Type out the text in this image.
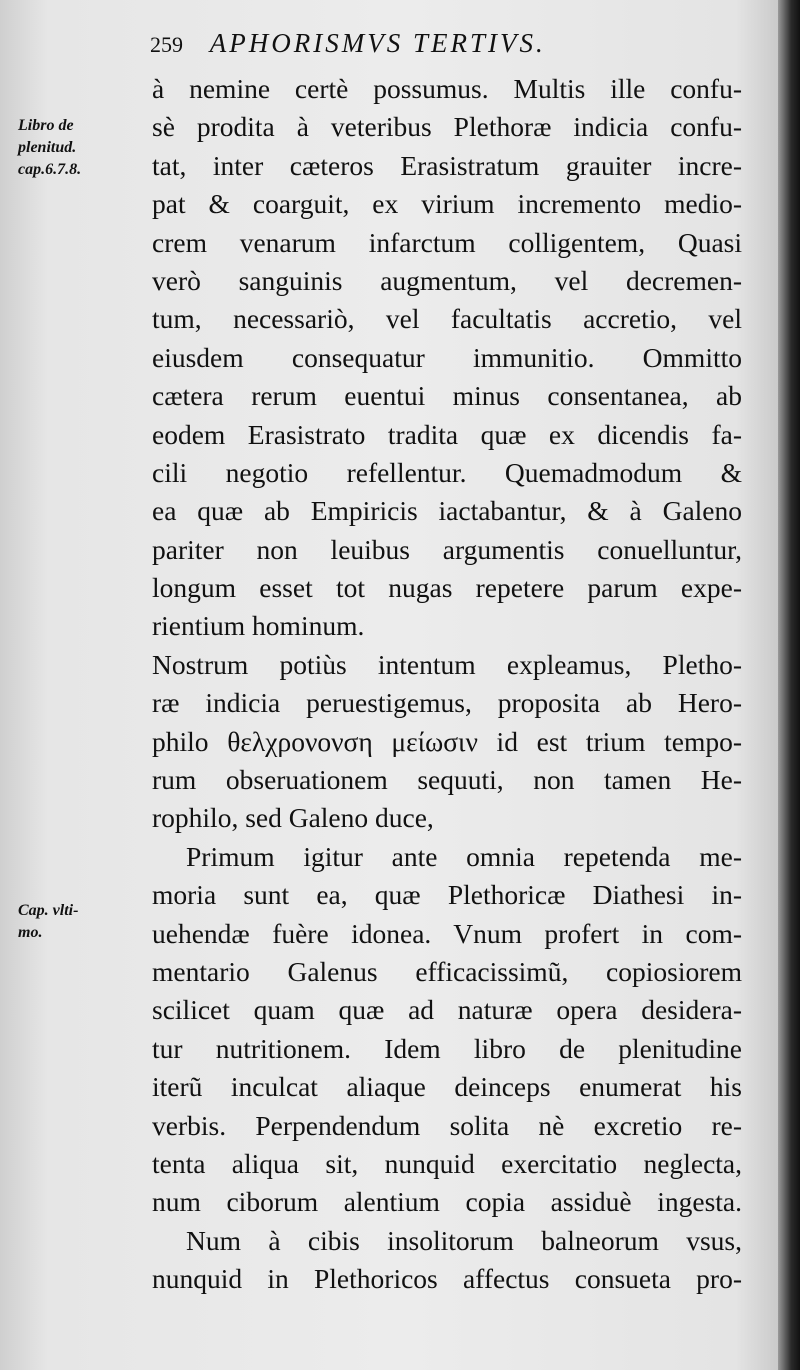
259 APHORISMVS TERTIVS.
Libro de
plenitud.
cap.6.7.8.
Cap. vlti-
mo.
à nemine certè possumus. Multis ille confu-
sè prodita à veteribus Plethoræ indicia confu-
tat, inter cæteros Erasistratum grauiter incre-
pat & coarguit, ex virium incremento medio-
crem venarum infarctum colligentem, Quasi
verò sanguinis augmentum, vel decremen-
tum, necessariò, vel facultatis accretio, vel
eiusdem consequatur immunitio. Ommitto
cætera rerum euentui minus consentanea, ab
eodem Erasistrato tradita quæ ex dicendis fa-
cili negotio refellentur. Quemadmodum &
ea quæ ab Empiricis iactabantur, & à Galeno
pariter non leuibus argumentis conuelluntur,
longum esset tot nugas repetere parum expe-
rientium hominum.
Nostrum potiùs intentum expleamus, Pletho-
ræ indicia peruestigemus, proposita ab Hero-
philo θελχρονονση μείωσιν id est trium tempo-
rum obseruationem sequuti, non tamen He-
rophilo, sed Galeno duce,
Primum igitur ante omnia repetenda me-
moria sunt ea, quæ Plethoricæ Diathesi in-
uehendæ fuère idonea. Vnum profert in com-
mentario Galenus efficacissimũ, copiosiorem
scilicet quam quæ ad naturæ opera desidera-
tur nutritionem. Idem libro de plenitudine
iterũ inculcat aliaque deinceps enumerat his
verbis. Perpendendum solita nè excretio re-
tenta aliqua sit, nunquid exercitatio neglecta,
num ciborum alentium copia assiduè ingesta.
Num à cibis insolitorum balneorum vsus,
nunquid in Plethoricos affectus consueta pro-
